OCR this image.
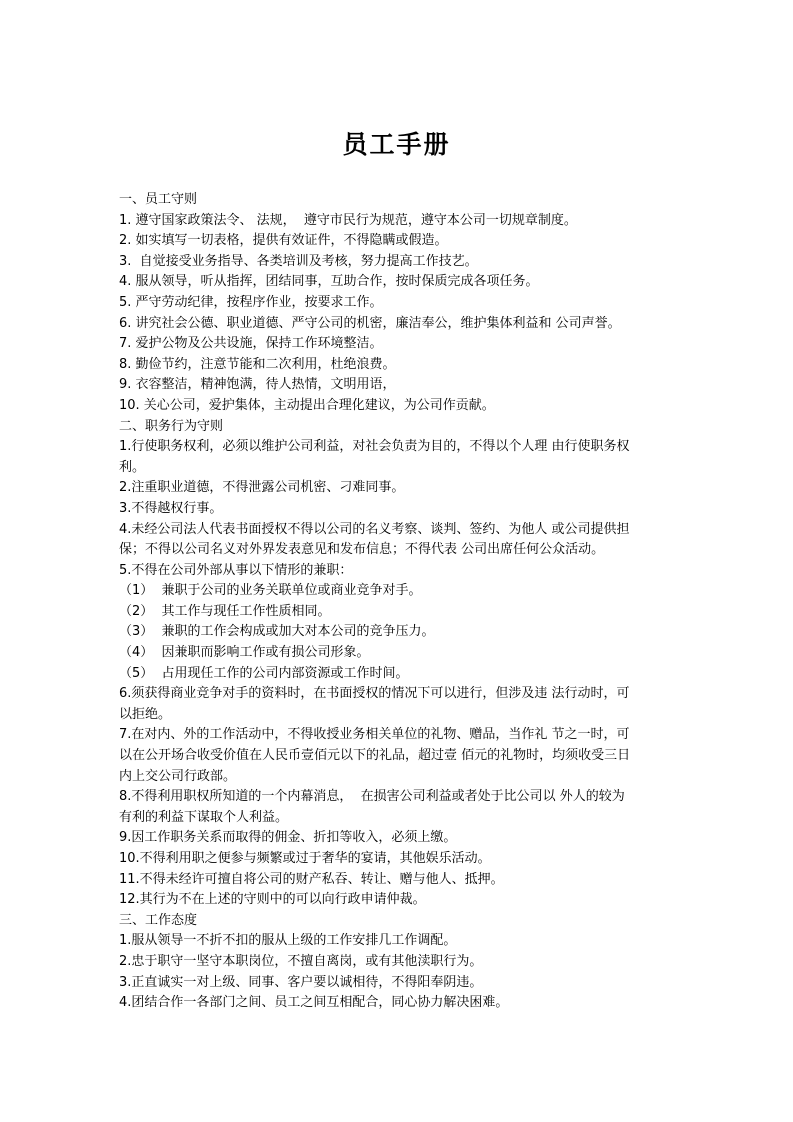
员工手册
一、员工守则
1. 遵守国家政策法令、 法规，  遵守市民行为规范，遵守本公司一切规章制度。
2. 如实填写一切表格，提供有效证件，不得隐瞒或假造。
3.  自觉接受业务指导、各类培训及考核，努力提高工作技艺。
4. 服从领导，听从指挥，团结同事，互助合作，按时保质完成各项任务。
5. 严守劳动纪律，按程序作业，按要求工作。
6. 讲究社会公德、职业道德、严守公司的机密，廉洁奉公，维护集体利益和 公司声誉。
7. 爱护公物及公共设施，保持工作环境整洁。
8. 勤俭节约，注意节能和二次利用，杜绝浪费。
9. 衣容整洁，精神饱满，待人热情，文明用语，
10. 关心公司，爱护集体，主动提出合理化建议，为公司作贡献。
二、职务行为守则
1.行使职务权利，必须以维护公司利益，对社会负责为目的，不得以个人理 由行使职务权
利。
2.注重职业道德，不得泄露公司机密、刁难同事。
3.不得越权行事。
4.未经公司法人代表书面授权不得以公司的名义考察、谈判、签约、为他人 或公司提供担
保；不得以公司名义对外界发表意见和发布信息；不得代表 公司出席任何公众活动。
5.不得在公司外部从事以下情形的兼职：
（1）  兼职于公司的业务关联单位或商业竞争对手。
（2）  其工作与现任工作性质相同。
（3）  兼职的工作会构成或加大对本公司的竞争压力。
（4）  因兼职而影响工作或有损公司形象。
（5）  占用现任工作的公司内部资源或工作时间。
6.须获得商业竞争对手的资料时，在书面授权的情况下可以进行，但涉及违 法行动时，可
以拒绝。
7.在对内、外的工作活动中，不得收授业务相关单位的礼物、赠品，当作礼 节之一时，可
以在公开场合收受价值在人民币壹佰元以下的礼品，超过壹 佰元的礼物时，均须收受三日
内上交公司行政部。
8.不得利用职权所知道的一个内幕消息，  在损害公司利益或者处于比公司以 外人的较为
有利的利益下谋取个人利益。
9.因工作职务关系而取得的佣金、折扣等收入，必须上缴。
10.不得利用职之便参与频繁或过于奢华的宴请，其他娱乐活动。
11.不得未经许可擅自将公司的财产私吞、转让、赠与他人、抵押。
12.其行为不在上述的守则中的可以向行政申请仲裁。
三、工作态度
1.服从领导一不折不扣的服从上级的工作安排几工作调配。
2.忠于职守一坚守本职岗位，不擅自离岗，或有其他渎职行为。
3.正直诚实一对上级、同事、客户要以诚相待，不得阳奉阴违。
4.团结合作一各部门之间、员工之间互相配合，同心协力解决困难。
